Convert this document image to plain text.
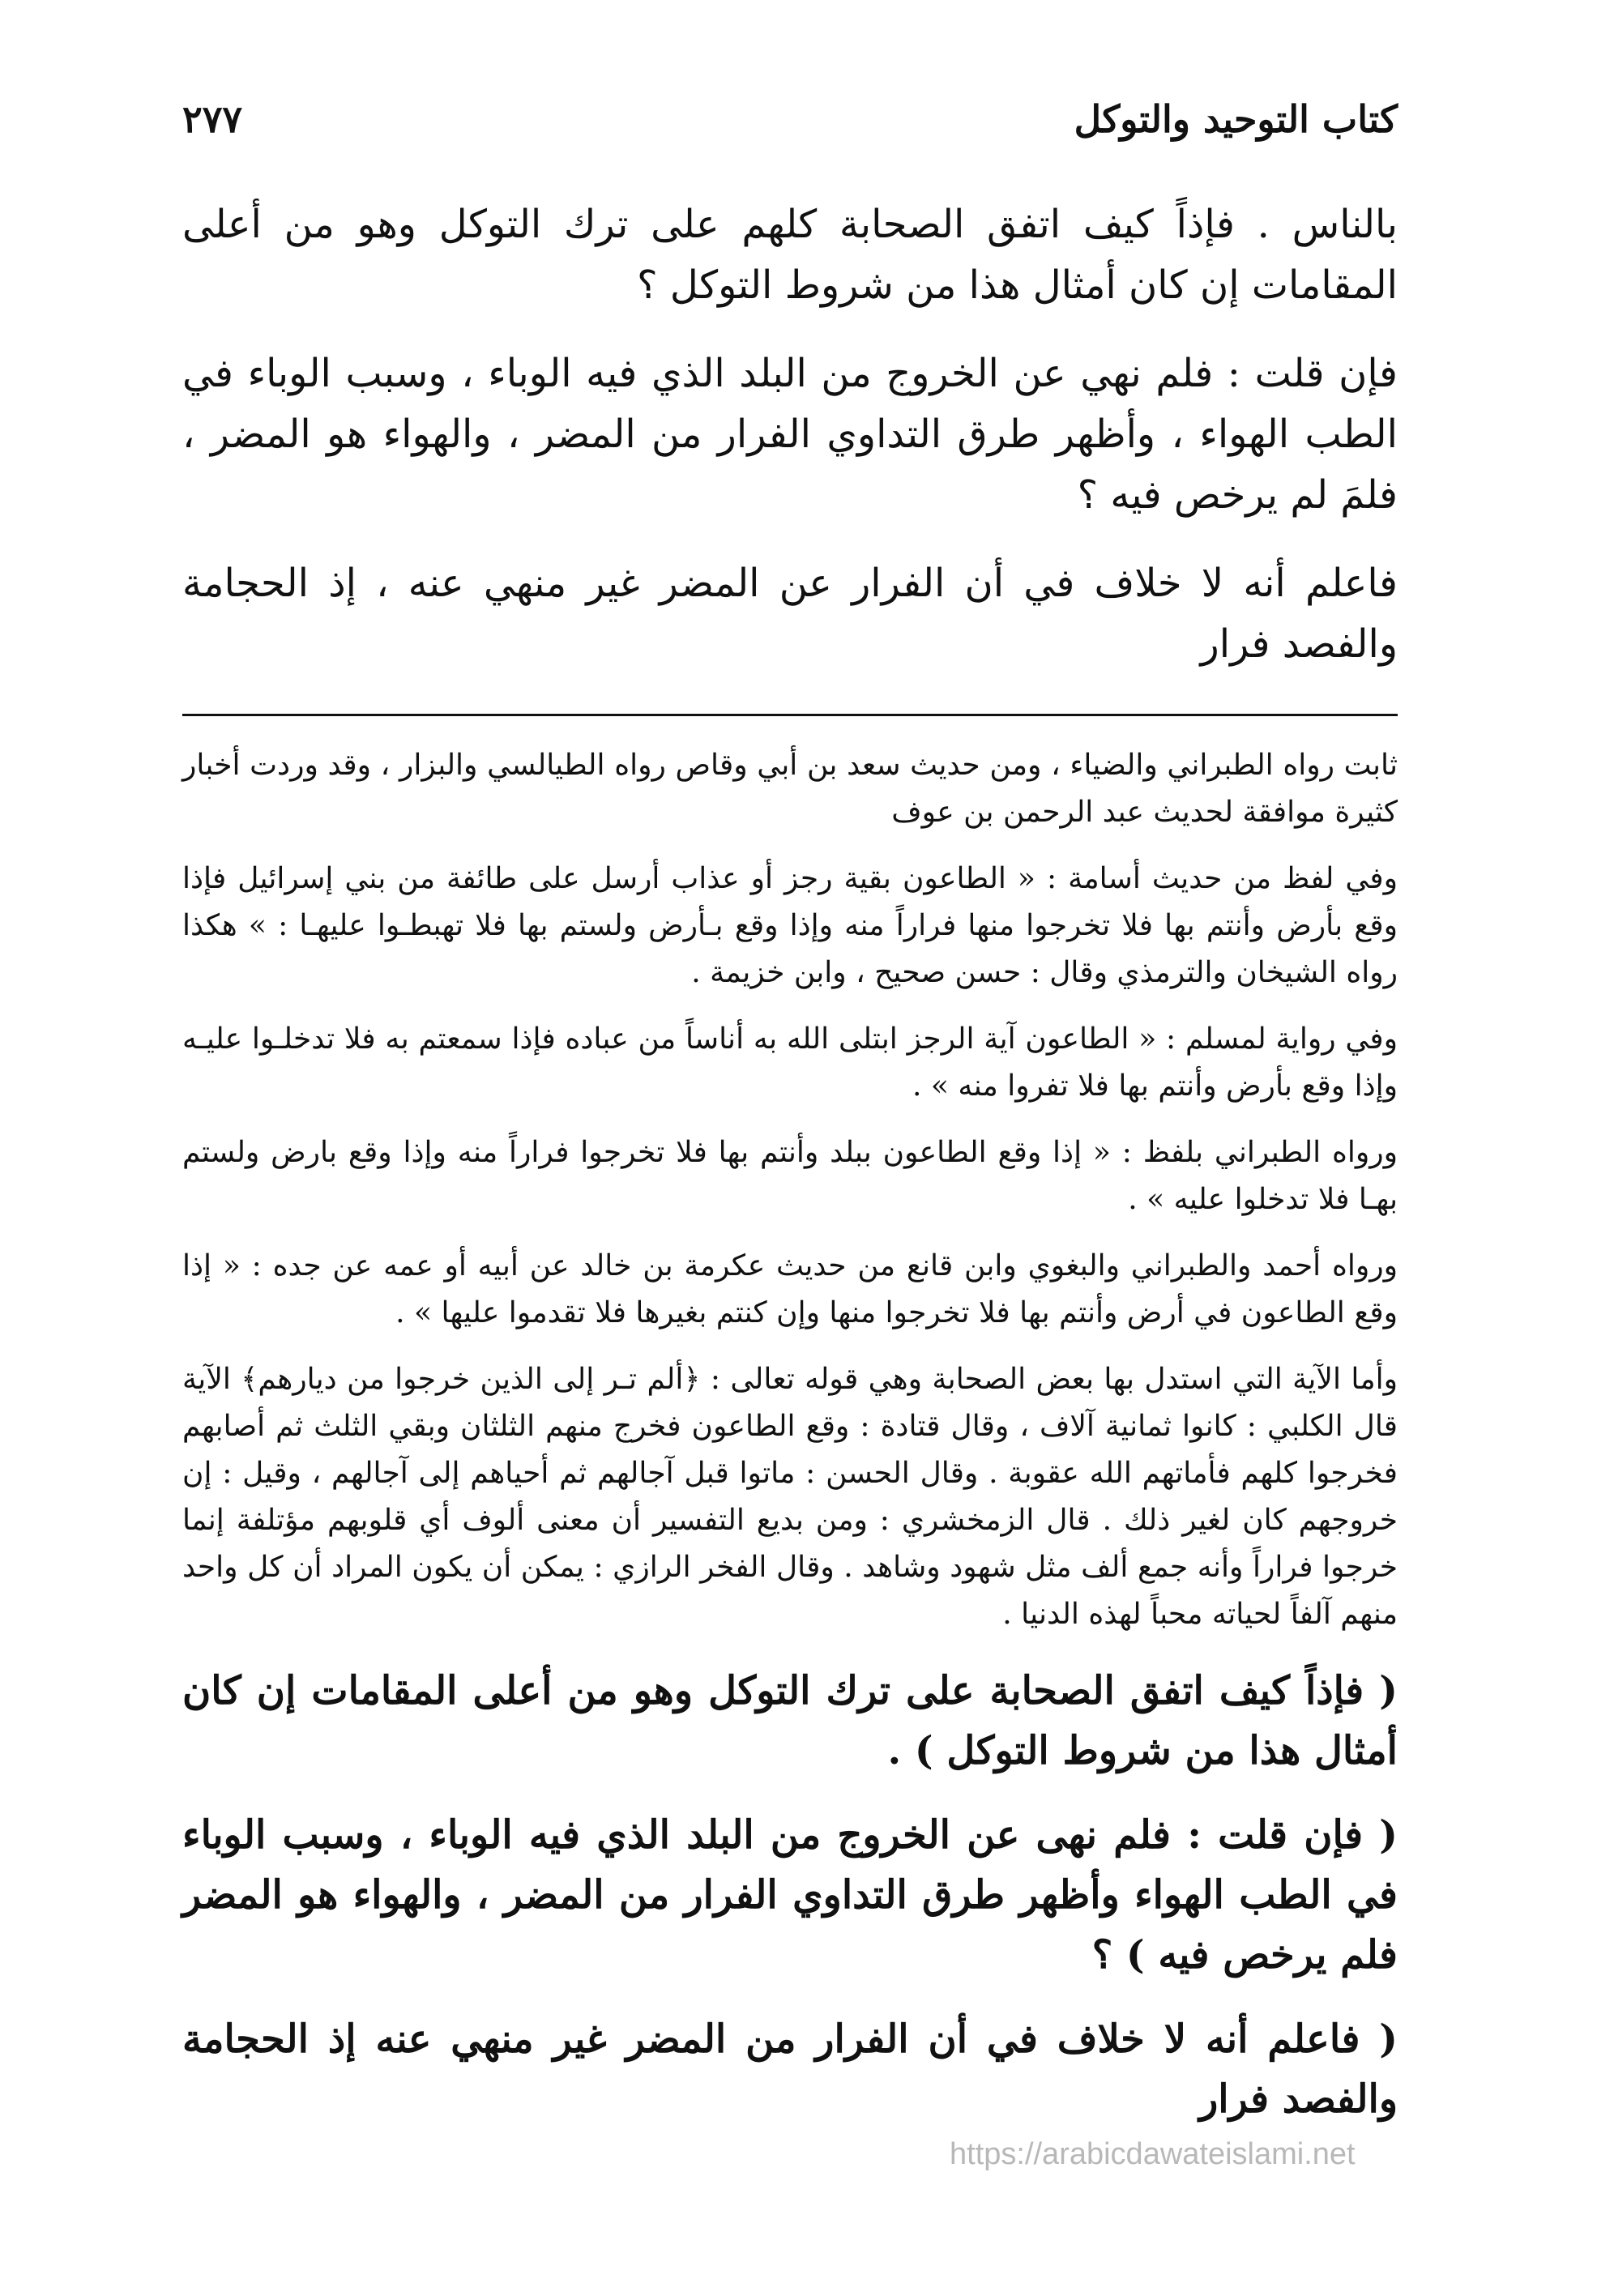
كتاب التوحيد والتوكل
٢٧٧

بالناس . فإذاً كيف اتفق الصحابة كلهم على ترك التوكل وهو من أعلى المقامات إن كان أمثال هذا من شروط التوكل ؟

فإن قلت : فلم نهي عن الخروج من البلد الذي فيه الوباء ، وسبب الوباء في الطب الهواء ، وأظهر طرق التداوي الفرار من المضر ، والهواء هو المضر ، فلمَ لم يرخص فيه ؟

فاعلم أنه لا خلاف في أن الفرار عن المضر غير منهي عنه ، إذ الحجامة والفصد فرار

ثابت رواه الطبراني والضياء ، ومن حديث سعد بن أبي وقاص رواه الطيالسي والبزار ، وقد وردت أخبار كثيرة موافقة لحديث عبد الرحمن بن عوف

وفي لفظ من حديث أسامة : « الطاعون بقية رجز أو عذاب أرسل على طائفة من بني إسرائيل فإذا وقع بأرض وأنتم بها فلا تخرجوا منها فراراً منه وإذا وقع بـأرض ولستم بها فلا تهبطـوا عليهـا : » هكذا رواه الشيخان والترمذي وقال : حسن صحيح ، وابن خزيمة .

وفي رواية لمسلم : « الطاعون آية الرجز ابتلى الله به أناساً من عباده فإذا سمعتم به فلا تدخلـوا عليـه وإذا وقع بأرض وأنتم بها فلا تفروا منه » .

ورواه الطبراني بلفظ : « إذا وقع الطاعون ببلد وأنتم بها فلا تخرجوا فراراً منه وإذا وقع بارض ولستم بهـا فلا تدخلوا عليه » .

ورواه أحمد والطبراني والبغوي وابن قانع من حديث عكرمة بن خالد عن أبيه أو عمه عن جده : « إذا وقع الطاعون في أرض وأنتم بها فلا تخرجوا منها وإن كنتم بغيرها فلا تقدموا عليها » .

وأما الآية التي استدل بها بعض الصحابة وهي قوله تعالى : ﴿ألم تـر إلى الذين خرجوا من ديارهم﴾ الآية قال الكلبي : كانوا ثمانية آلاف ، وقال قتادة : وقع الطاعون فخرج منهم الثلثان وبقي الثلث ثم أصابهم فخرجوا كلهم فأماتهم الله عقوبة . وقال الحسن : ماتوا قبل آجالهم ثم أحياهم إلى آجالهم ، وقيل : إن خروجهم كان لغير ذلك . قال الزمخشري : ومن بديع التفسير أن معنى ألوف أي قلوبهم مؤتلفة إنما خرجوا فراراً وأنه جمع ألف مثل شهود وشاهد . وقال الفخر الرازي : يمكن أن يكون المراد أن كل واحد منهم آلفاً لحياته محباً لهذه الدنيا .

( فإذاً كيف اتفق الصحابة على ترك التوكل وهو من أعلى المقامات إن كان أمثال هذا من شروط التوكل ) .

( فإن قلت : فلم نهى عن الخروج من البلد الذي فيه الوباء ، وسبب الوباء في الطب الهواء وأظهر طرق التداوي الفرار من المضر ، والهواء هو المضر فلم يرخص فيه ) ؟

( فاعلم أنه لا خلاف في أن الفرار من المضر غير منهي عنه إذ الحجامة والفصد فرار

https://arabicdawateislami.net
